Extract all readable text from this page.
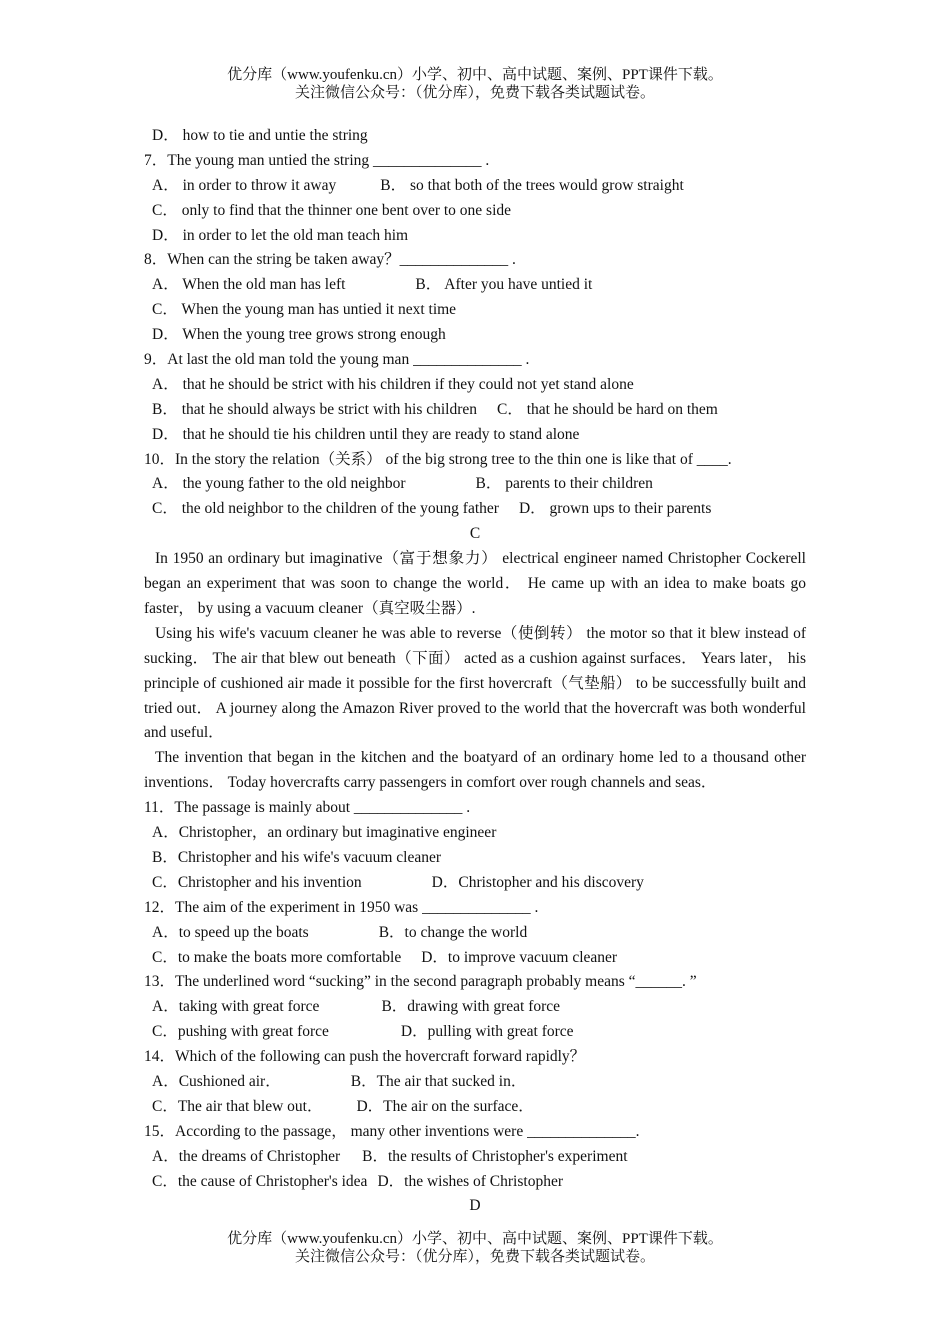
优分库（www.youfenku.cn）小学、初中、高中试题、案例、PPT课件下载。
关注微信公众号：（优分库），免费下载各类试题试卷。
D． how to tie and untie the string
7．The young man untied the string ______________ .
A． in order to throw it away	B． so that both of the trees would grow straight
C． only to find that the thinner one bent over to one side
D． in order to let the old man teach him
8．When can the string be taken away？______________ .
A． When the old man has left	B． After you have untied it
C． When the young man has untied it next time
D． When the young tree grows strong enough
9．At last the old man told the young man ______________ .
A． that he should be strict with his children if they could not yet stand alone
B． that he should always be strict with his children C． that he should be hard on them
D． that he should tie his children until they are ready to stand alone
10．In the story the relation（关系） of the big strong tree to the thin one is like that of ____.
A． the young father to the old neighbor	B． parents to their children
C． the old neighbor to the children of the young father D． grown ups to their parents
C
In 1950 an ordinary but imaginative（富于想象力） electrical engineer named Christopher Cockerell began an experiment that was soon to change the world． He came up with an idea to make boats go faster， by using a vacuum cleaner（真空吸尘器）.
Using his wife's vacuum cleaner he was able to reverse（使倒转） the motor so that it blew instead of sucking． The air that blew out beneath（下面） acted as a cushion against surfaces． Years later， his principle of cushioned air made it possible for the first hovercraft（气垫船） to be successfully built and tried out． A journey along the Amazon River proved to the world that the hovercraft was both wonderful and useful．
The invention that began in the kitchen and the boatyard of an ordinary home led to a thousand other inventions． Today hovercrafts carry passengers in comfort over rough channels and seas．
11．The passage is mainly about ______________ .
A．Christopher，an ordinary but imaginative engineer
B．Christopher and his wife's vacuum cleaner
C．Christopher and his invention	D．Christopher and his discovery
12．The aim of the experiment in 1950 was ______________ .
A．to speed up the boats	B．to change the world
C．to make the boats more comfortable D．to improve vacuum cleaner
13．The underlined word “sucking” in the second paragraph probably means “______. ”
A．taking with great force	B．drawing with great force
C．pushing with great force	D．pulling with great force
14．Which of the following can push the hovercraft forward rapidly？
A．Cushioned air．	B．The air that sucked in．
C．The air that blew out． D．The air on the surface．
15．According to the passage， many other inventions were ______________.
A．the dreams of Christopher B．the results of Christopher's experiment
C．the cause of Christopher's idea D．the wishes of Christopher
D
优分库（www.youfenku.cn）小学、初中、高中试题、案例、PPT课件下载。
关注微信公众号：（优分库），免费下载各类试题试卷。
